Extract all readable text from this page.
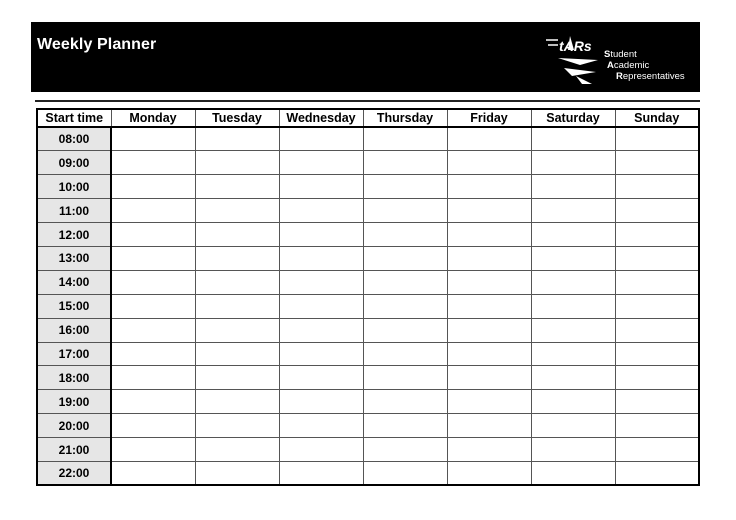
Weekly Planner	tARs
Student
Academic
Representatives
Start time	Monday	Tuesday	Wednesday	Thursday	Friday	Saturday	Sunday
08:00							
09:00							
10:00							
11:00							
12:00							
13:00							
14:00							
15:00							
16:00							
17:00							
18:00							
19:00							
20:00							
21:00							
22:00							
